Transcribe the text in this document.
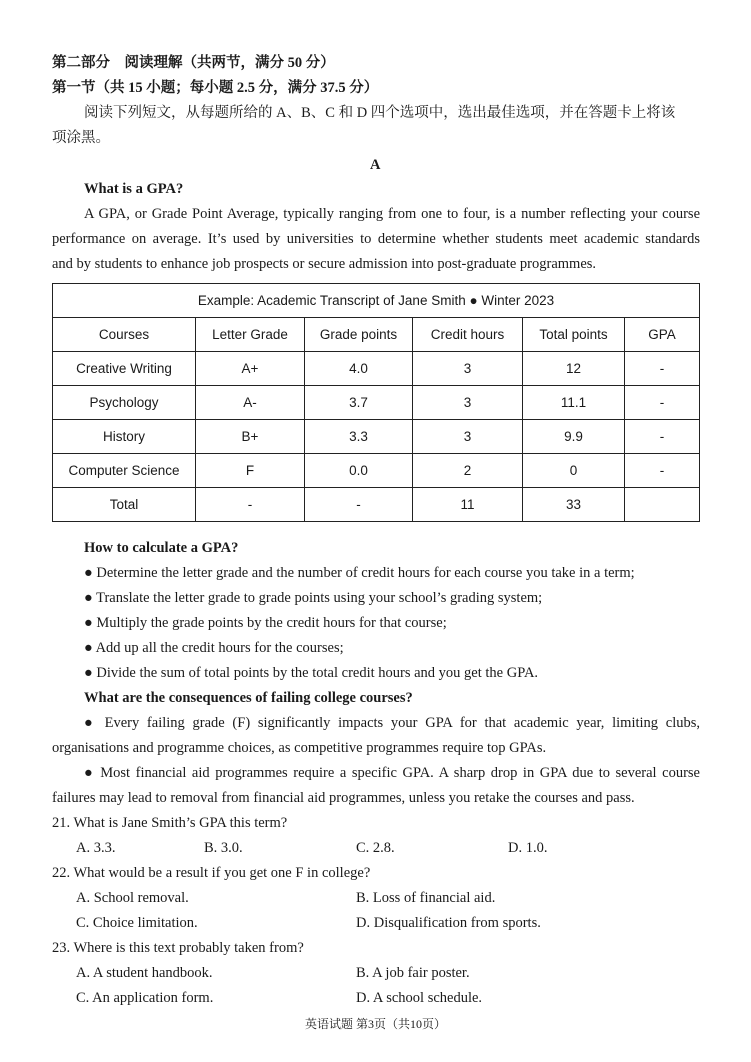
第二部分　阅读理解（共两节，满分 50 分）
第一节（共 15 小题；每小题 2.5 分，满分 37.5 分）
阅读下列短文，从每题所给的 A、B、C 和 D 四个选项中，选出最佳选项，并在答题卡上将该
项涂黑。
A
What is a GPA?
A GPA, or Grade Point Average, typically ranging from one to four, is a number reflecting your course
performance on average. It’s used by universities to determine whether students meet academic standards
and by students to enhance job prospects or secure admission into post-graduate programmes.
Example: Academic Transcript of Jane Smith ● Winter 2023					
Courses	Letter Grade	Grade points	Credit hours	Total points	GPA
Creative Writing	A+	4.0	3	12	-
Psychology	A-	3.7	3	11.1	-
History	B+	3.3	3	9.9	-
Computer Science	F	0.0	2	0	-
Total	-	-	11	33	
How to calculate a GPA?
● Determine the letter grade and the number of credit hours for each course you take in a term;
● Translate the letter grade to grade points using your school’s grading system;
● Multiply the grade points by the credit hours for that course;
● Add up all the credit hours for the courses;
● Divide the sum of total points by the total credit hours and you get the GPA.
What are the consequences of failing college courses?
● Every failing grade (F) significantly impacts your GPA for that academic year, limiting clubs,
organisations and programme choices, as competitive programmes require top GPAs.
● Most financial aid programmes require a specific GPA. A sharp drop in GPA due to several course
failures may lead to removal from financial aid programmes, unless you retake the courses and pass.
21. What is Jane Smith’s GPA this term?
A. 3.3.	B. 3.0.	C. 2.8.	D. 1.0.
22. What would be a result if you get one F in college?
A. School removal.	B. Loss of financial aid.
C. Choice limitation.	D. Disqualification from sports.
23. Where is this text probably taken from?
A. A student handbook.	B. A job fair poster.
C. An application form.	D. A school schedule.
英语试题 第3页（共10页）
